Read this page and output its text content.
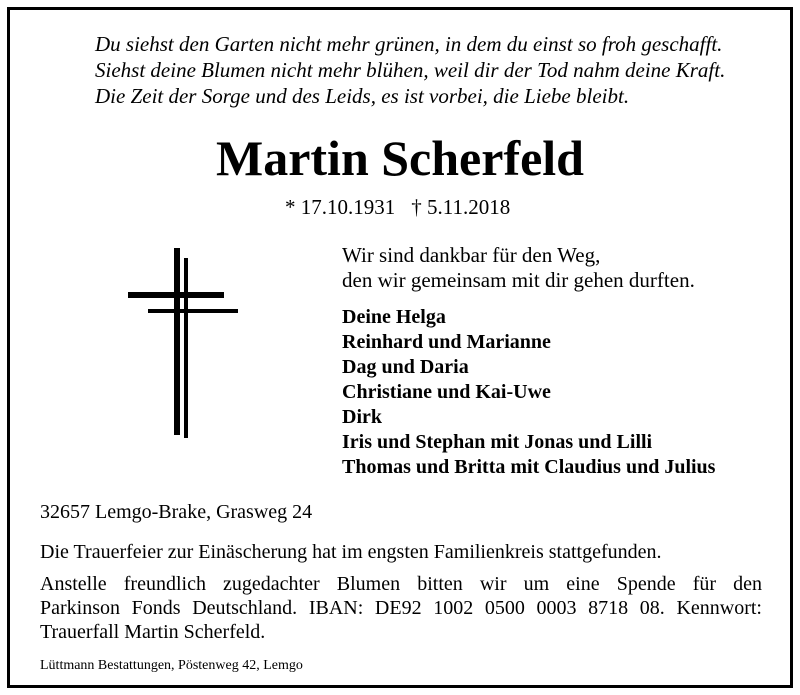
Du siehst den Garten nicht mehr grünen, in dem du einst so froh geschafft.
Siehst deine Blumen nicht mehr blühen, weil dir der Tod nahm deine Kraft.
Die Zeit der Sorge und des Leids, es ist vorbei, die Liebe bleibt.
Martin Scherfeld
* 17.10.1931 † 5.11.2018
Wir sind dankbar für den Weg,
den wir gemeinsam mit dir gehen durften.
Deine Helga
Reinhard und Marianne
Dag und Daria
Christiane und Kai-Uwe
Dirk
Iris und Stephan mit Jonas und Lilli
Thomas und Britta mit Claudius und Julius
32657 Lemgo-Brake, Grasweg 24
Die Trauerfeier zur Einäscherung hat im engsten Familienkreis stattgefunden.
Anstelle freundlich zugedachter Blumen bitten wir um eine Spende für den
Parkinson Fonds Deutschland. IBAN: DE92 1002 0500 0003 8718 08. Kennwort:
Trauerfall Martin Scherfeld.
Lüttmann Bestattungen, Pöstenweg 42, Lemgo
